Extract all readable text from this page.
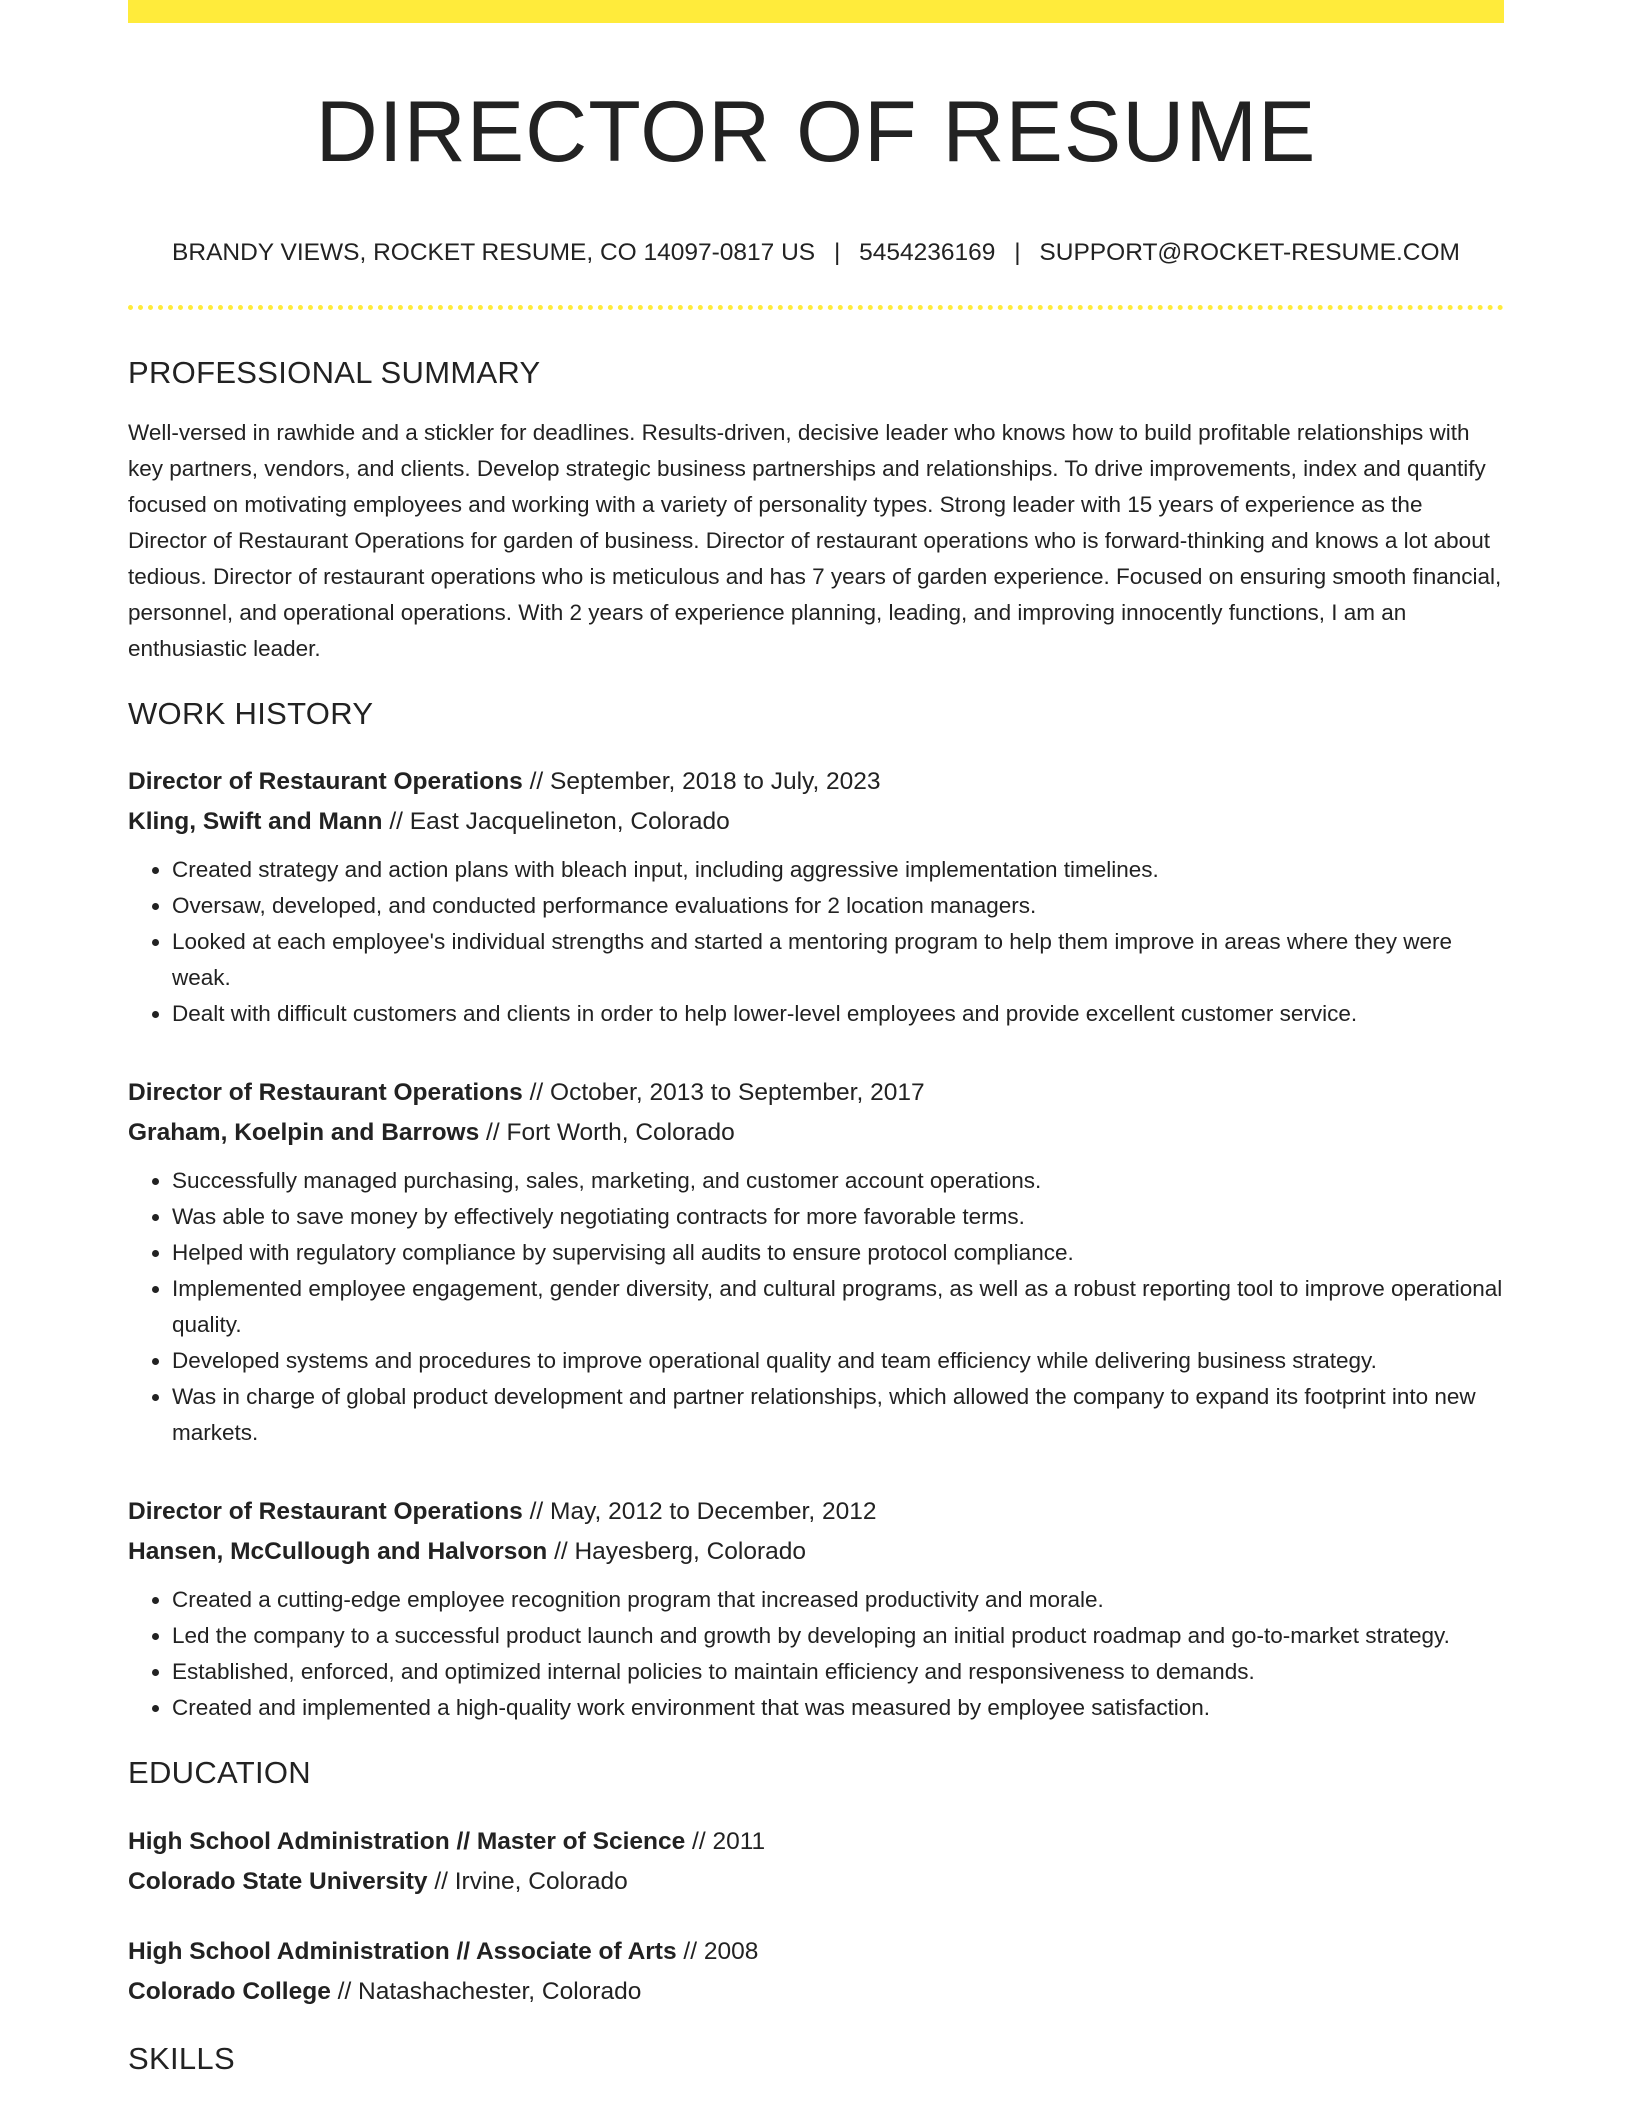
DIRECTOR OF RESUME
BRANDY VIEWS, ROCKET RESUME, CO 14097-0817 US | 5454236169 | SUPPORT@ROCKET-RESUME.COM
PROFESSIONAL SUMMARY
Well-versed in rawhide and a stickler for deadlines. Results-driven, decisive leader who knows how to build profitable relationships with key partners, vendors, and clients. Develop strategic business partnerships and relationships. To drive improvements, index and quantify focused on motivating employees and working with a variety of personality types. Strong leader with 15 years of experience as the Director of Restaurant Operations for garden of business. Director of restaurant operations who is forward-thinking and knows a lot about tedious. Director of restaurant operations who is meticulous and has 7 years of garden experience. Focused on ensuring smooth financial, personnel, and operational operations. With 2 years of experience planning, leading, and improving innocently functions, I am an enthusiastic leader.
WORK HISTORY
Director of Restaurant Operations // September, 2018 to July, 2023
Kling, Swift and Mann // East Jacquelineton, Colorado
• Created strategy and action plans with bleach input, including aggressive implementation timelines.
• Oversaw, developed, and conducted performance evaluations for 2 location managers.
• Looked at each employee's individual strengths and started a mentoring program to help them improve in areas where they were weak.
• Dealt with difficult customers and clients in order to help lower-level employees and provide excellent customer service.
Director of Restaurant Operations // October, 2013 to September, 2017
Graham, Koelpin and Barrows // Fort Worth, Colorado
• Successfully managed purchasing, sales, marketing, and customer account operations.
• Was able to save money by effectively negotiating contracts for more favorable terms.
• Helped with regulatory compliance by supervising all audits to ensure protocol compliance.
• Implemented employee engagement, gender diversity, and cultural programs, as well as a robust reporting tool to improve operational quality.
• Developed systems and procedures to improve operational quality and team efficiency while delivering business strategy.
• Was in charge of global product development and partner relationships, which allowed the company to expand its footprint into new markets.
Director of Restaurant Operations // May, 2012 to December, 2012
Hansen, McCullough and Halvorson // Hayesberg, Colorado
• Created a cutting-edge employee recognition program that increased productivity and morale.
• Led the company to a successful product launch and growth by developing an initial product roadmap and go-to-market strategy.
• Established, enforced, and optimized internal policies to maintain efficiency and responsiveness to demands.
• Created and implemented a high-quality work environment that was measured by employee satisfaction.
EDUCATION
High School Administration // Master of Science // 2011
Colorado State University // Irvine, Colorado
High School Administration // Associate of Arts // 2008
Colorado College // Natashachester, Colorado
SKILLS
